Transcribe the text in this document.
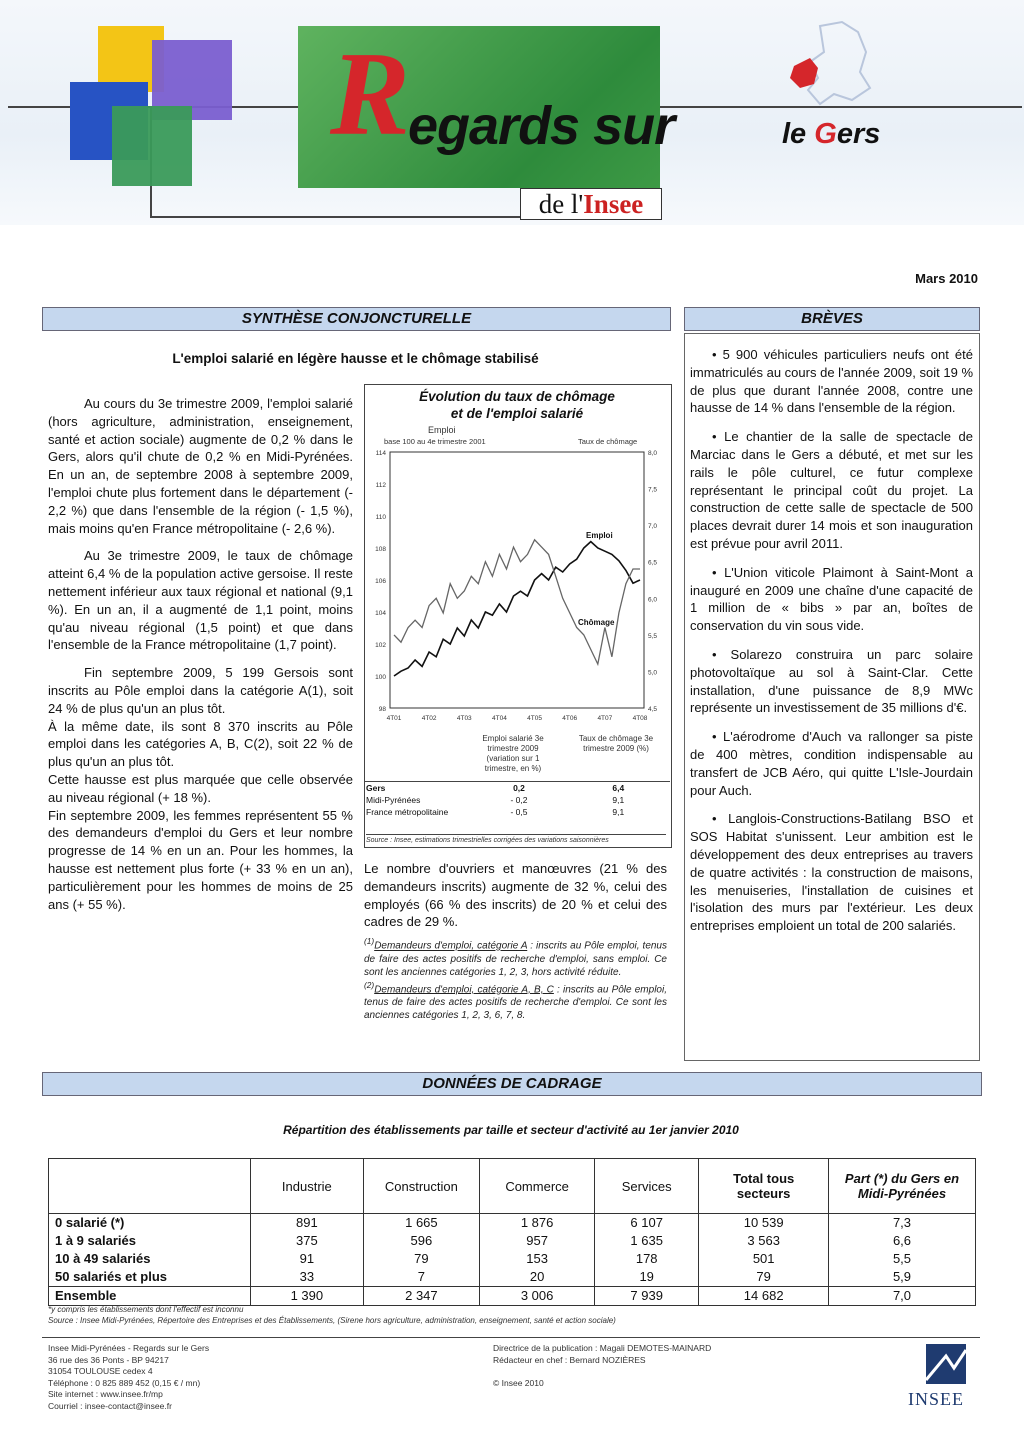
R
egards sur
de l'Insee
le Gers
Mars 2010
SYNTHÈSE CONJONCTURELLE
L'emploi salarié en légère hausse et le chômage stabilisé

Au cours du 3e trimestre 2009, l'emploi salarié (hors agriculture, administration, enseignement, santé et action sociale) augmente de 0,2 % dans le Gers, alors qu'il chute de 0,2 % en Midi-Pyrénées. En un an, de septembre 2008 à septembre 2009, l'emploi chute plus fortement dans le département (- 2,2 %) que dans l'ensemble de la région (- 1,5 %), mais moins qu'en France métropolitaine (- 2,6 %).

Au 3e trimestre 2009, le taux de chômage atteint 6,4 % de la population active gersoise. Il reste nettement inférieur aux taux régional et national (9,1 %). En un an, il a augmenté de 1,1 point, moins qu'au niveau régional (1,5 point) et que dans l'ensemble de la France métropolitaine (1,7 point).

Fin septembre 2009, 5 199 Gersois sont inscrits au Pôle emploi dans la catégorie A(1), soit 24 % de plus qu'un an plus tôt.

À la même date, ils sont 8 370 inscrits au Pôle emploi dans les catégories A, B, C(2), soit 22 % de plus qu'un an plus tôt.

Cette hausse est plus marquée que celle observée au niveau régional (+ 18 %).

Fin septembre 2009, les femmes représentent 55 % des demandeurs d'emploi du Gers et leur nombre progresse de 14 % en un an. Pour les hommes, la hausse est nettement plus forte (+ 33 % en un an), particulièrement pour les hommes de moins de 25 ans (+ 55 %).

Évolution du taux de chômage
et de l'emploi salarié
Emploi
base 100 au 4e trimestre 2001	Taux de chômage
98
100
102
104
106
108
110
112
114
4,5
5,0
5,5
6,0
6,5
7,0
7,5
8,0
4T01	4T02	4T03	4T04	4T05	4T06	4T07	4T08
Emploi
Chômage
Emploi salarié 3e trimestre 2009 (variation sur 1 trimestre, en %)
Taux de chômage 3e trimestre 2009 (%)
Gers	0,2	6,4
Midi-Pyrénées	- 0,2	9,1
France métropolitaine	- 0,5	9,1
Source : Insee, estimations trimestrielles corrigées des variations saisonnières

Le nombre d'ouvriers et manœuvres (21 % des demandeurs inscrits) augmente de 32 %, celui des employés (66 % des inscrits) de 20 % et celui des cadres de 29 %.

$^{(1)}$Demandeurs d'emploi, catégorie A : inscrits au Pôle emploi, tenus de faire des actes positifs de recherche d'emploi, sans emploi. Ce sont les anciennes catégories 1, 2, 3, hors activité réduite.
$^{(2)}$Demandeurs d'emploi, catégorie A, B, C : inscrits au Pôle emploi, tenus de faire des actes positifs de recherche d'emploi. Ce sont les anciennes catégories 1, 2, 3, 6, 7, 8.
BRÈVES

• 5 900 véhicules particuliers neufs ont été immatriculés au cours de l'année 2009, soit 19 % de plus que durant l'année 2008, contre une hausse de 14 % dans l'ensemble de la région.

• Le chantier de la salle de spectacle de Marciac dans le Gers a débuté, et met sur les rails le pôle culturel, ce futur complexe représentant le principal coût du projet. La construction de cette salle de spectacle de 500 places devrait durer 14 mois et son inauguration est prévue pour avril 2011.

• L'Union viticole Plaimont à Saint-Mont a inauguré en 2009 une chaîne d'une capacité de 1 million de « bibs » par an, boîtes de conservation du vin sous vide.

• Solarezo construira un parc solaire photovoltaïque au sol à Saint-Clar. Cette installation, d'une puissance de 8,9 MWc représente un investissement de 35 millions d'€.

• L'aérodrome d'Auch va rallonger sa piste de 400 mètres, condition indispensable au transfert de JCB Aéro, qui quitte L'Isle-Jourdain pour Auch.

• Langlois-Constructions-Batilang BSO et SOS Habitat s'unissent. Leur ambition est le développement des deux entreprises au travers de quatre activités : la construction de maisons, les menuiseries, l'installation de cuisines et l'isolation des murs par l'extérieur. Les deux entreprises emploient un total de 200 salariés.

DONNÉES DE CADRAGE
Répartition des établissements par taille et secteur d'activité au 1er janvier 2010
	Industrie	Construction	Commerce	Services	Total tous secteurs	Part (*) du Gers en Midi-Pyrénées
0 salarié (*)	891	1 665	1 876	6 107	10 539	7,3
1 à 9 salariés	375	596	957	1 635	3 563	6,6
10 à 49 salariés	91	79	153	178	501	5,5
50 salariés et plus	33	7	20	19	79	5,9
Ensemble	1 390	2 347	3 006	7 939	14 682	7,0
*y compris les établissements dont l'effectif est inconnu
Source : Insee Midi-Pyrénées, Répertoire des Entreprises et des Établissements, (Sirene hors agriculture, administration, enseignement, santé et action sociale)
Insee Midi-Pyrénées - Regards sur le Gers
36 rue des 36 Ponts - BP 94217
31054 TOULOUSE cedex 4
Téléphone : 0 825 889 452 (0,15 € / mn)
Site internet : www.insee.fr/mp
Courriel : insee-contact@insee.fr
Directrice de la publication : Magali DEMOTES-MAINARD
Rédacteur en chef : Bernard NOZIÈRES
© Insee 2010
INSEE
